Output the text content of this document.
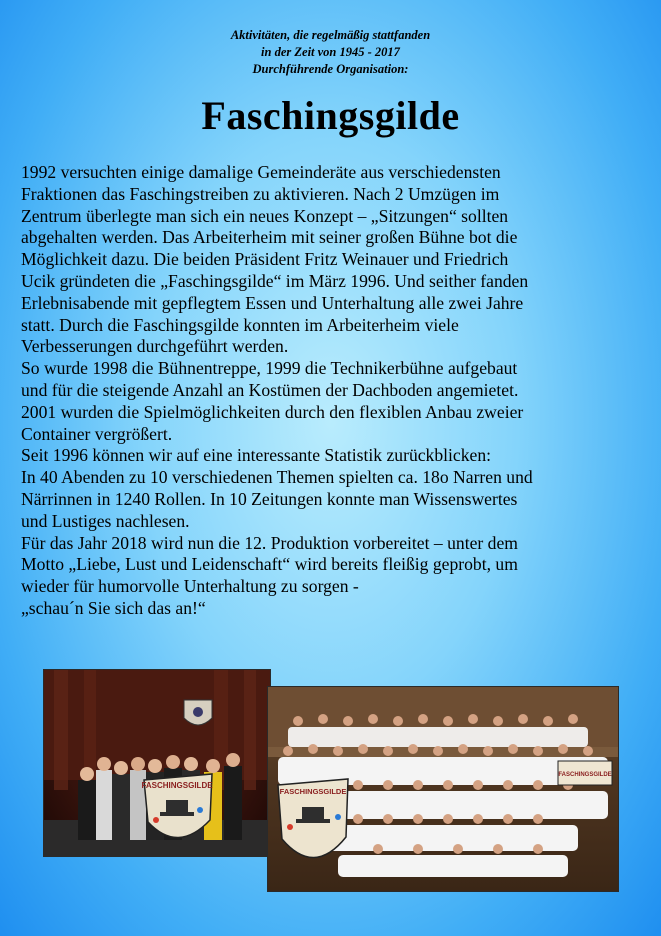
Aktivitäten, die regelmäßig stattfanden
in der Zeit von 1945 - 2017
Durchführende Organisation:
Faschingsgilde
1992 versuchten einige damalige Gemeinderäte aus verschiedensten
Fraktionen das Faschingstreiben zu aktivieren. Nach 2 Umzügen im
Zentrum überlegte man sich ein neues Konzept – „Sitzungen“ sollten
abgehalten werden. Das Arbeiterheim mit seiner großen Bühne bot die
Möglichkeit dazu. Die beiden Präsident Fritz Weinauer und Friedrich
Ucik gründeten die „Faschingsgilde“ im März 1996. Und seither fanden
Erlebnisabende mit gepflegtem Essen und Unterhaltung alle zwei Jahre
statt. Durch die Faschingsgilde konnten im Arbeiterheim viele
Verbesserungen durchgeführt werden.
So wurde 1998 die Bühnentreppe, 1999 die Technikerbühne aufgebaut
und für die steigende Anzahl an Kostümen der Dachboden angemietet.
2001 wurden die Spielmöglichkeiten durch den flexiblen Anbau zweier
Container vergrößert.
Seit 1996 können wir auf eine interessante Statistik zurückblicken:
In 40 Abenden zu 10 verschiedenen Themen spielten ca. 18o Narren und
Närrinnen in 1240 Rollen. In 10 Zeitungen konnte man Wissenswertes
und Lustiges nachlesen.
Für das Jahr 2018 wird nun die 12. Produktion vorbereitet – unter dem
Motto „Liebe, Lust und Leidenschaft“ wird bereits fleißig geprobt, um
wieder für humorvolle Unterhaltung zu sorgen -
„schau´n Sie sich das an!“
FASCHINGSGILDE
FASCHINGSGILDE
FASCHINGSGILDE
